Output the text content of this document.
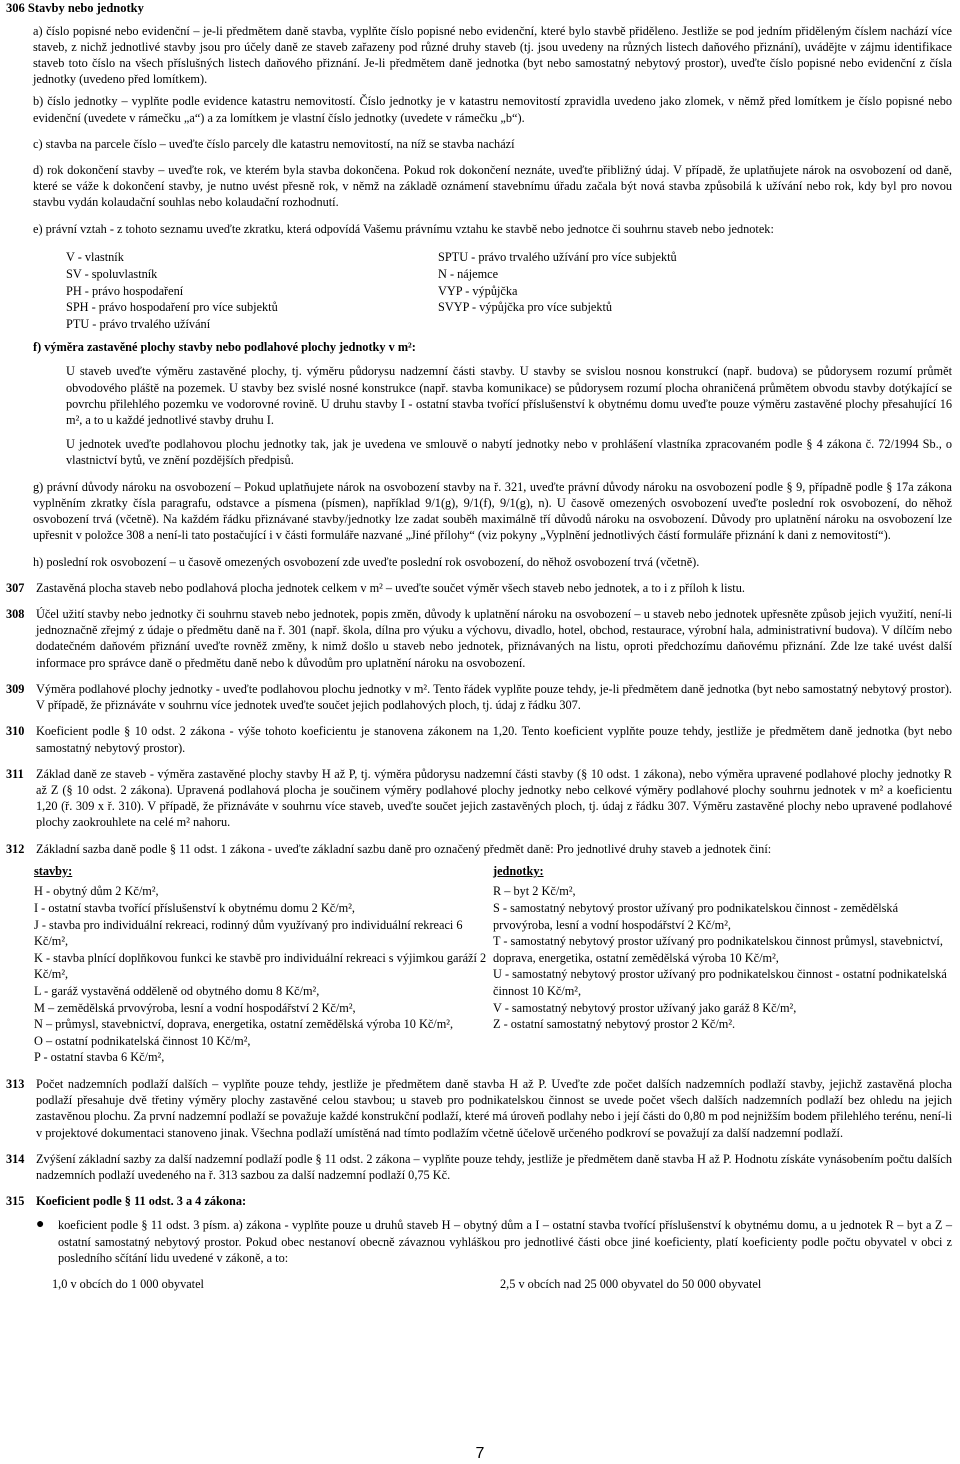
306 Stavby nebo jednotky

a) číslo popisné nebo evidenční – je-li předmětem daně stavba, vyplňte číslo popisné nebo evidenční, které bylo stavbě přiděleno. Jestliže se pod jedním přiděleným číslem nachází více staveb, z nichž jednotlivé stavby jsou pro účely daně ze staveb zařazeny pod různé druhy staveb (tj. jsou uvedeny na různých listech daňového přiznání), uvádějte v zájmu identifikace staveb toto číslo na všech příslušných listech daňového přiznání. Je-li předmětem daně jednotka (byt nebo samostatný nebytový prostor), uveďte číslo popisné nebo evidenční z čísla jednotky (uvedeno před lomítkem).

b) číslo jednotky – vyplňte podle evidence katastru nemovitostí. Číslo jednotky je v katastru nemovitostí zpravidla uvedeno jako zlomek, v němž před lomítkem je číslo popisné nebo evidenční (uvedete v rámečku „a“) a za lomítkem je vlastní číslo jednotky (uvedete v rámečku „b“).

c) stavba na parcele číslo – uveďte číslo parcely dle katastru nemovitostí, na níž se stavba nachází

d) rok dokončení stavby – uveďte rok, ve kterém byla stavba dokončena. Pokud rok dokončení neznáte, uveďte přibližný údaj. V případě, že uplatňujete nárok na osvobození od daně, které se váže k dokončení stavby, je nutno uvést přesně rok, v němž na základě oznámení stavebnímu úřadu začala být nová stavba způsobilá k užívání nebo rok, kdy byl pro novou stavbu vydán kolaudační souhlas nebo kolaudační rozhodnutí.

e) právní vztah - z tohoto seznamu uveďte zkratku, která odpovídá Vašemu právnímu vztahu ke stavbě nebo jednotce či souhrnu staveb nebo jednotek:

V - vlastník
SV - spoluvlastník
PH - právo hospodaření
SPH - právo hospodaření pro více subjektů
PTU - právo trvalého užívání
SPTU - právo trvalého užívání pro více subjektů
N - nájemce
VYP - výpůjčka
SVYP - výpůjčka pro více subjektů

f) výměra zastavěné plochy stavby nebo podlahové plochy jednotky v m²:

U staveb uveďte výměru zastavěné plochy, tj. výměru půdorysu nadzemní části stavby. U stavby se svislou nosnou konstrukcí (např. budova) se půdorysem rozumí průmět obvodového pláště na pozemek. U stavby bez svislé nosné konstrukce (např. stavba komunikace) se půdorysem rozumí plocha ohraničená průmětem obvodu stavby dotýkající se povrchu přilehlého pozemku ve vodorovné rovině. U druhu stavby I - ostatní stavba tvořící příslušenství k obytnému domu uveďte pouze výměru zastavěné plochy přesahující 16 m², a to u každé jednotlivé stavby druhu I.

U jednotek uveďte podlahovou plochu jednotky tak, jak je uvedena ve smlouvě o nabytí jednotky nebo v prohlášení vlastníka zpracovaném podle § 4 zákona č. 72/1994 Sb., o vlastnictví bytů, ve znění pozdějších předpisů.

g) právní důvody nároku na osvobození – Pokud uplatňujete nárok na osvobození stavby na ř. 321, uveďte právní důvody nároku na osvobození podle § 9, případně podle § 17a zákona vyplněním zkratky čísla paragrafu, odstavce a písmena (písmen), například 9/1(g), 9/1(f), 9/1(g), n). U časově omezených osvobození uveďte poslední rok osvobození, do něhož osvobození trvá (včetně). Na každém řádku přiznávané stavby/jednotky lze zadat souběh maximálně tří důvodů nároku na osvobození. Důvody pro uplatnění nároku na osvobození lze upřesnit v položce 308 a není-li tato postačující i v části formuláře nazvané „Jiné přílohy“ (viz pokyny „Vyplnění jednotlivých částí formuláře přiznání k dani z nemovitostí“).

h) poslední rok osvobození – u časově omezených osvobození zde uveďte poslední rok osvobození, do něhož osvobození trvá (včetně).

307 Zastavěná plocha staveb nebo podlahová plocha jednotek celkem v m² – uveďte součet výměr všech staveb nebo jednotek, a to i z příloh k listu.
308 Účel užití stavby nebo jednotky či souhrnu staveb nebo jednotek, popis změn, důvody k uplatnění nároku na osvobození – u staveb nebo jednotek upřesněte způsob jejich využití, není-li jednoznačně zřejmý z údaje o předmětu daně na ř. 301 (např. škola, dílna pro výuku a výchovu, divadlo, hotel, obchod, restaurace, výrobní hala, administrativní budova). V dílčím nebo dodatečném daňovém přiznání uveďte rovněž změny, k nimž došlo u staveb nebo jednotek, přiznávaných na listu, oproti předchozímu daňovému přiznání. Zde lze také uvést další informace pro správce daně o předmětu daně nebo k důvodům pro uplatnění nároku na osvobození.
309 Výměra podlahové plochy jednotky - uveďte podlahovou plochu jednotky v m². Tento řádek vyplňte pouze tehdy, je-li předmětem daně jednotka (byt nebo samostatný nebytový prostor). V případě, že přiznáváte v souhrnu více jednotek uveďte součet jejich podlahových ploch, tj. údaj z řádku 307.
310 Koeficient podle § 10 odst. 2 zákona - výše tohoto koeficientu je stanovena zákonem na 1,20. Tento koeficient vyplňte pouze tehdy, jestliže je předmětem daně jednotka (byt nebo samostatný nebytový prostor).
311 Základ daně ze staveb - výměra zastavěné plochy stavby H až P, tj. výměra půdorysu nadzemní části stavby (§ 10 odst. 1 zákona), nebo výměra upravené podlahové plochy jednotky R až Z (§ 10 odst. 2 zákona). Upravená podlahová plocha je součinem výměry podlahové plochy jednotky nebo celkové výměry podlahové plochy souhrnu jednotek v m² a koeficientu 1,20 (ř. 309 x ř. 310). V případě, že přiznáváte v souhrnu více staveb, uveďte součet jejich zastavěných ploch, tj. údaj z řádku 307. Výměru zastavěné plochy nebo upravené podlahové plochy zaokrouhlete na celé m² nahoru.
312 Základní sazba daně podle § 11 odst. 1 zákona - uveďte základní sazbu daně pro označený předmět daně: Pro jednotlivé druhy staveb a jednotek činí:
stavby:
H - obytný dům 2 Kč/m²,
I - ostatní stavba tvořící příslušenství k obytnému domu 2 Kč/m²,
J - stavba pro individuální rekreaci, rodinný dům využívaný pro individuální rekreaci 6 Kč/m²,
K - stavba plnící doplňkovou funkci ke stavbě pro individuální rekreaci s výjimkou garáží 2 Kč/m²,
L - garáž vystavěná odděleně od obytného domu 8 Kč/m²,
M – zemědělská prvovýroba, lesní a vodní hospodářství 2 Kč/m²,
N – průmysl, stavebnictví, doprava, energetika, ostatní zemědělská výroba 10 Kč/m²,
O – ostatní podnikatelská činnost 10 Kč/m²,
P - ostatní stavba 6 Kč/m²,
jednotky:
R – byt 2 Kč/m²,
S - samostatný nebytový prostor užívaný pro podnikatelskou činnost - zemědělská prvovýroba, lesní a vodní hospodářství 2 Kč/m²,
T - samostatný nebytový prostor užívaný pro podnikatelskou činnost průmysl, stavebnictví, doprava, energetika, ostatní zemědělská výroba 10 Kč/m²,
U - samostatný nebytový prostor užívaný pro podnikatelskou činnost - ostatní podnikatelská činnost 10 Kč/m²,
V - samostatný nebytový prostor užívaný jako garáž 8 Kč/m²,
Z - ostatní samostatný nebytový prostor 2 Kč/m².
313 Počet nadzemních podlaží dalších – vyplňte pouze tehdy, jestliže je předmětem daně stavba H až P. Uveďte zde počet dalších nadzemních podlaží stavby, jejichž zastavěná plocha podlaží přesahuje dvě třetiny výměry plochy zastavěné celou stavbou; u staveb pro podnikatelskou činnost se uvede počet všech dalších nadzemních podlaží bez ohledu na jejich zastavěnou plochu. Za první nadzemní podlaží se považuje každé konstrukční podlaží, které má úroveň podlahy nebo i její části do 0,80 m pod nejnižším bodem přilehlého terénu, není-li v projektové dokumentaci stanoveno jinak. Všechna podlaží umístěná nad tímto podlažím včetně účelově určeného podkroví se považují za další nadzemní podlaží.
314 Zvýšení základní sazby za další nadzemní podlaží podle § 11 odst. 2 zákona – vyplňte pouze tehdy, jestliže je předmětem daně stavba H až P. Hodnotu získáte vynásobením počtu dalších nadzemních podlaží uvedeného na ř. 313 sazbou za další nadzemní podlaží 0,75 Kč.
315 Koeficient podle § 11 odst. 3 a 4 zákona:
●	koeficient podle § 11 odst. 3 písm. a) zákona - vyplňte pouze u druhů staveb H – obytný dům a I – ostatní stavba tvořící příslušenství k obytnému domu, a u jednotek R – byt a Z – ostatní samostatný nebytový prostor. Pokud obec nestanoví obecně závaznou vyhláškou pro jednotlivé části obce jiné koeficienty, platí koeficienty podle počtu obyvatel v obci z posledního sčítání lidu uvedené v zákoně, a to:
1,0 v obcích do 1 000 obyvatel	2,5 v obcích nad 25 000 obyvatel do 50 000 obyvatel
7
